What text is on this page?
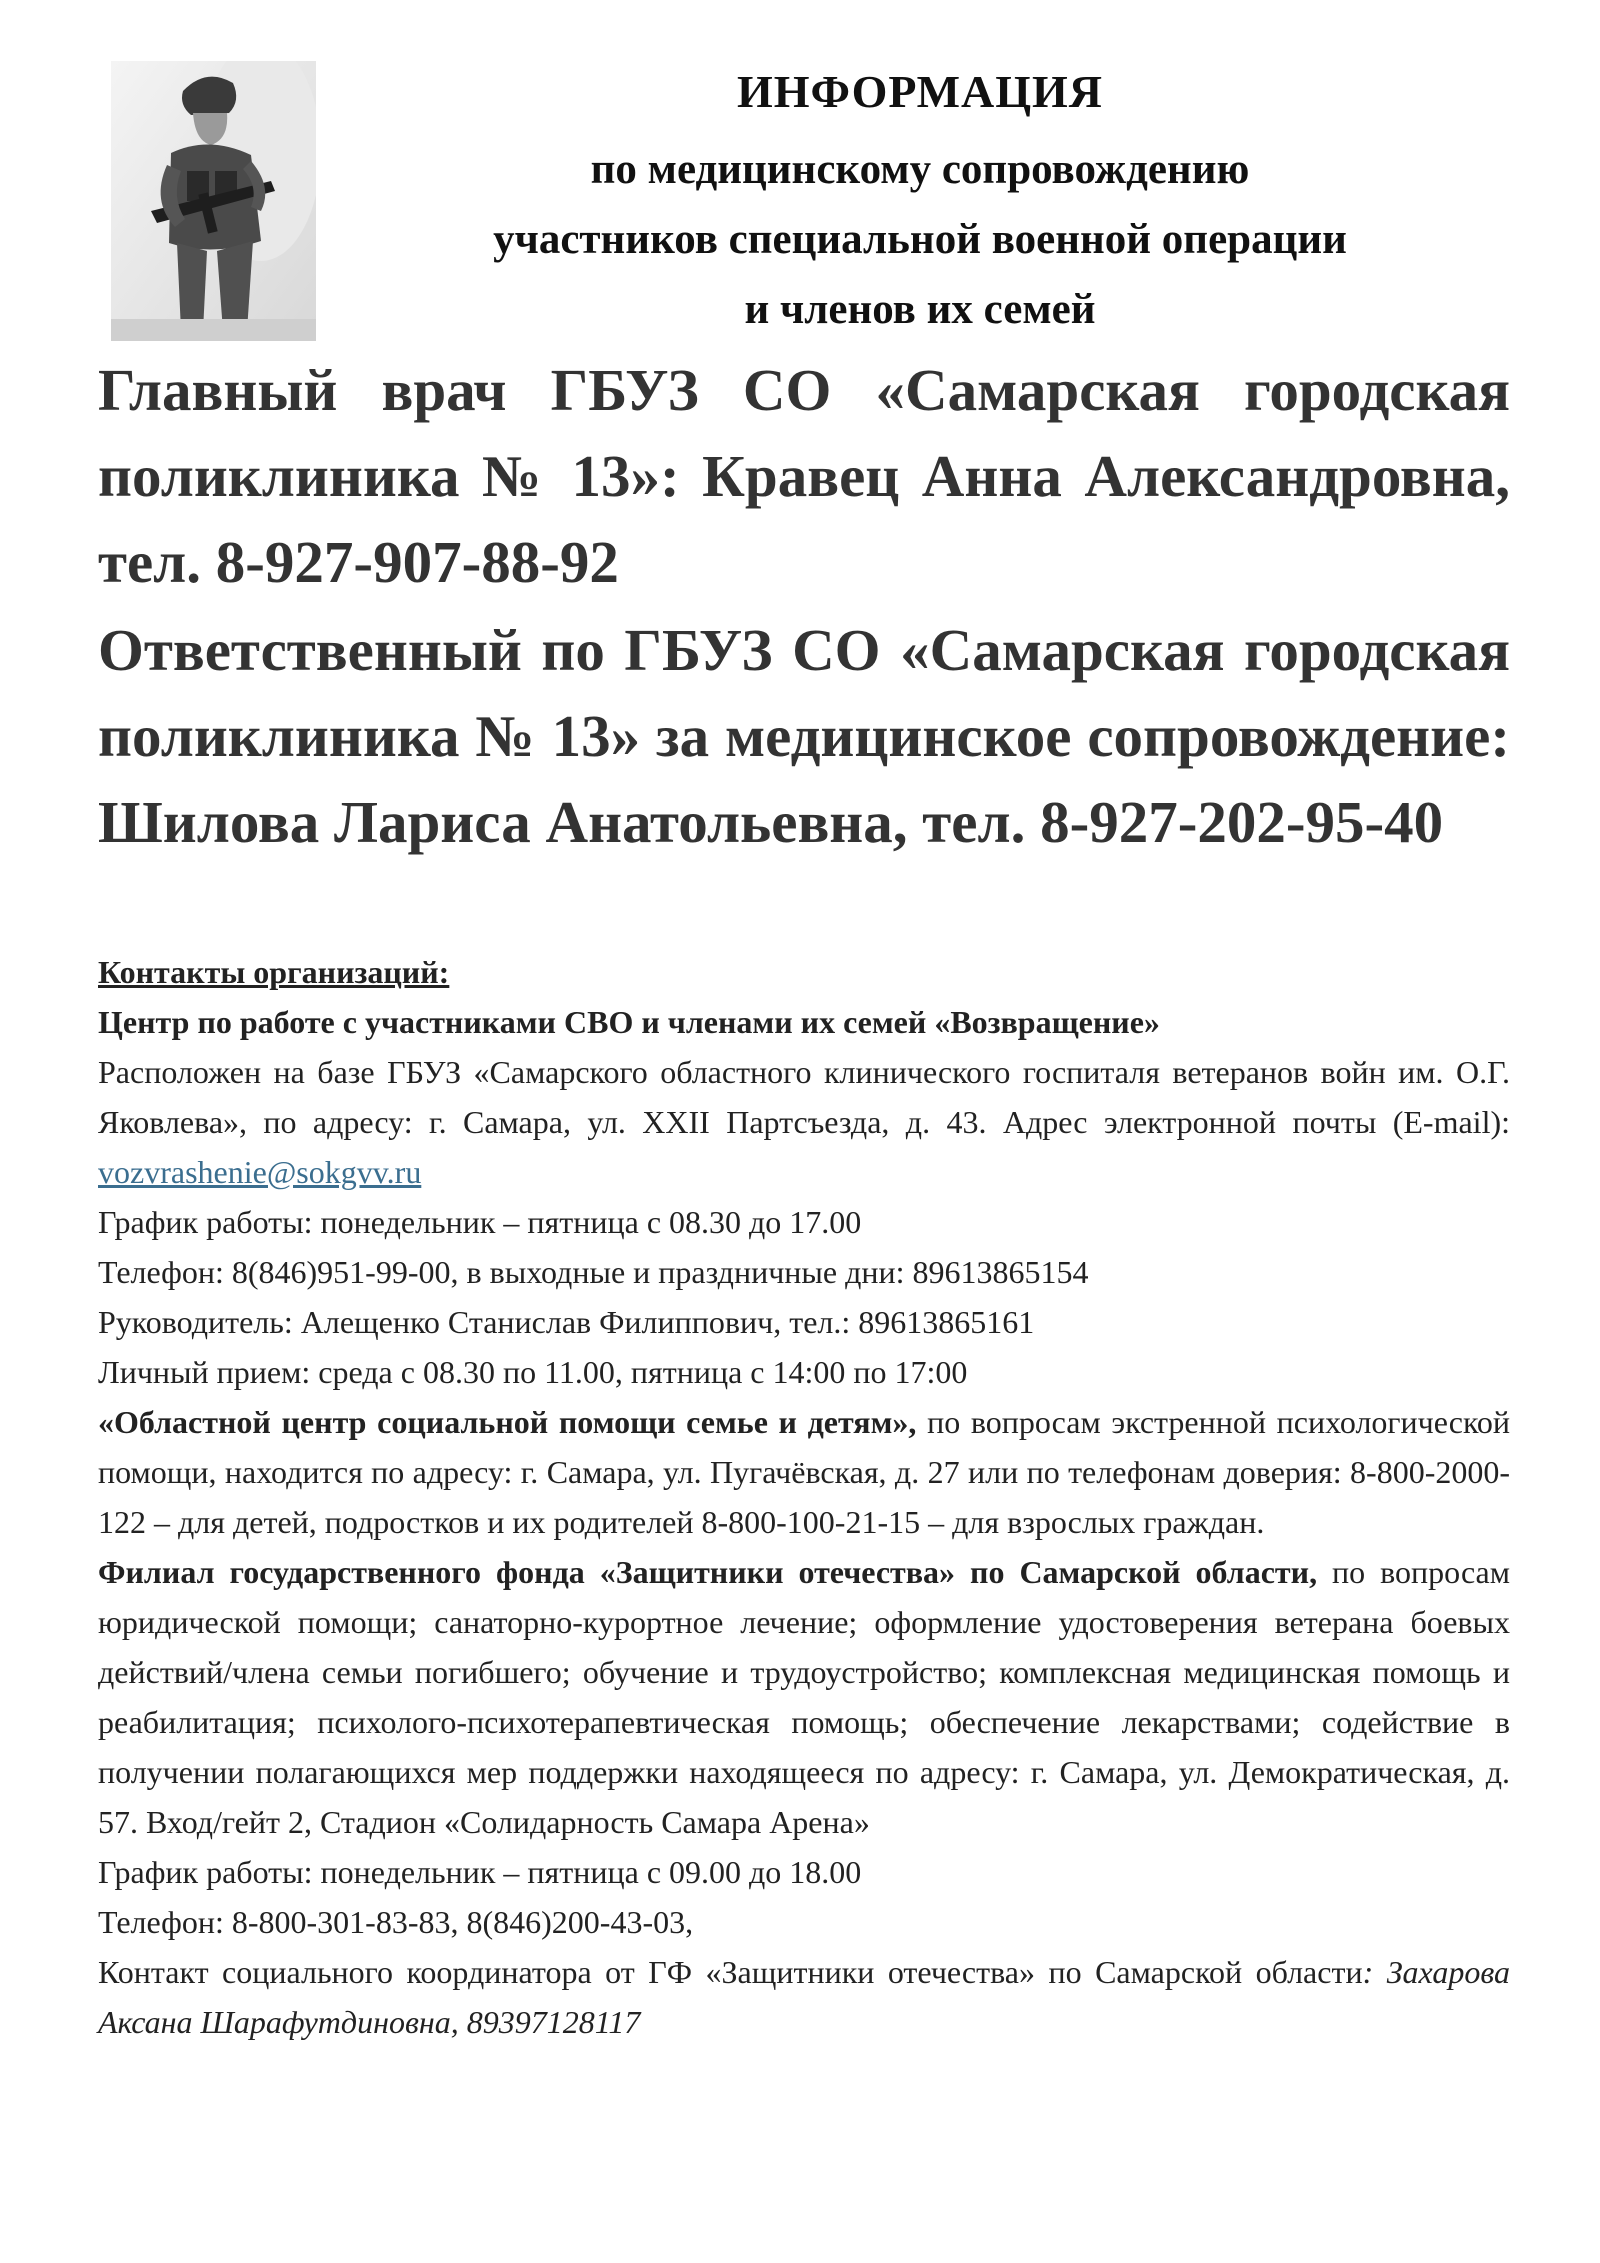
ИНФОРМАЦИЯ
по медицинскому сопровождению
участников специальной военной операции
и членов их семей

Главный врач ГБУЗ СО «Самарская городская поликлиника № 13»: Кравец Анна Александровна, тел. 8-927-907-88-92

Ответственный по ГБУЗ СО «Самарская городская поликлиника № 13» за медицинское сопровождение: Шилова Лариса Анатольевна, тел. 8-927-202-95-40

Контакты организаций:

Центр по работе с участниками СВО и членами их семей «Возвращение»

Расположен на базе ГБУЗ «Самарского областного клинического госпиталя ветеранов войн им. О.Г. Яковлева», по адресу: г. Самара, ул. XXII Партсъезда, д. 43. Адрес электронной почты (E-mail): vozvrashenie@sokgvv.ru

График работы: понедельник – пятница с 08.30 до 17.00

Телефон: 8(846)951-99-00, в выходные и праздничные дни: 89613865154

Руководитель: Алещенко Станислав Филиппович, тел.: 89613865161

Личный прием: среда с 08.30 по 11.00, пятница с 14:00 по 17:00

«Областной центр социальной помощи семье и детям», по вопросам экстренной психологической помощи, находится по адресу: г. Самара, ул. Пугачёвская, д. 27 или по телефонам доверия: 8-800-2000-122 – для детей, подростков и их родителей 8-800-100-21-15 – для взрослых граждан.

Филиал государственного фонда «Защитники отечества» по Самарской области, по вопросам юридической помощи; санаторно-курортное лечение; оформление удостоверения ветерана боевых действий/члена семьи погибшего; обучение и трудоустройство; комплексная медицинская помощь и реабилитация; психолого-психотерапевтическая помощь; обеспечение лекарствами; содействие в получении полагающихся мер поддержки находящееся по адресу: г. Самара, ул. Демократическая, д. 57. Вход/гейт 2, Стадион «Солидарность Самара Арена»

График работы: понедельник – пятница с 09.00 до 18.00

Телефон: 8-800-301-83-83, 8(846)200-43-03,

Контакт социального координатора от ГФ «Защитники отечества» по Самарской области: Захарова Аксана Шарафутдиновна, 89397128117
